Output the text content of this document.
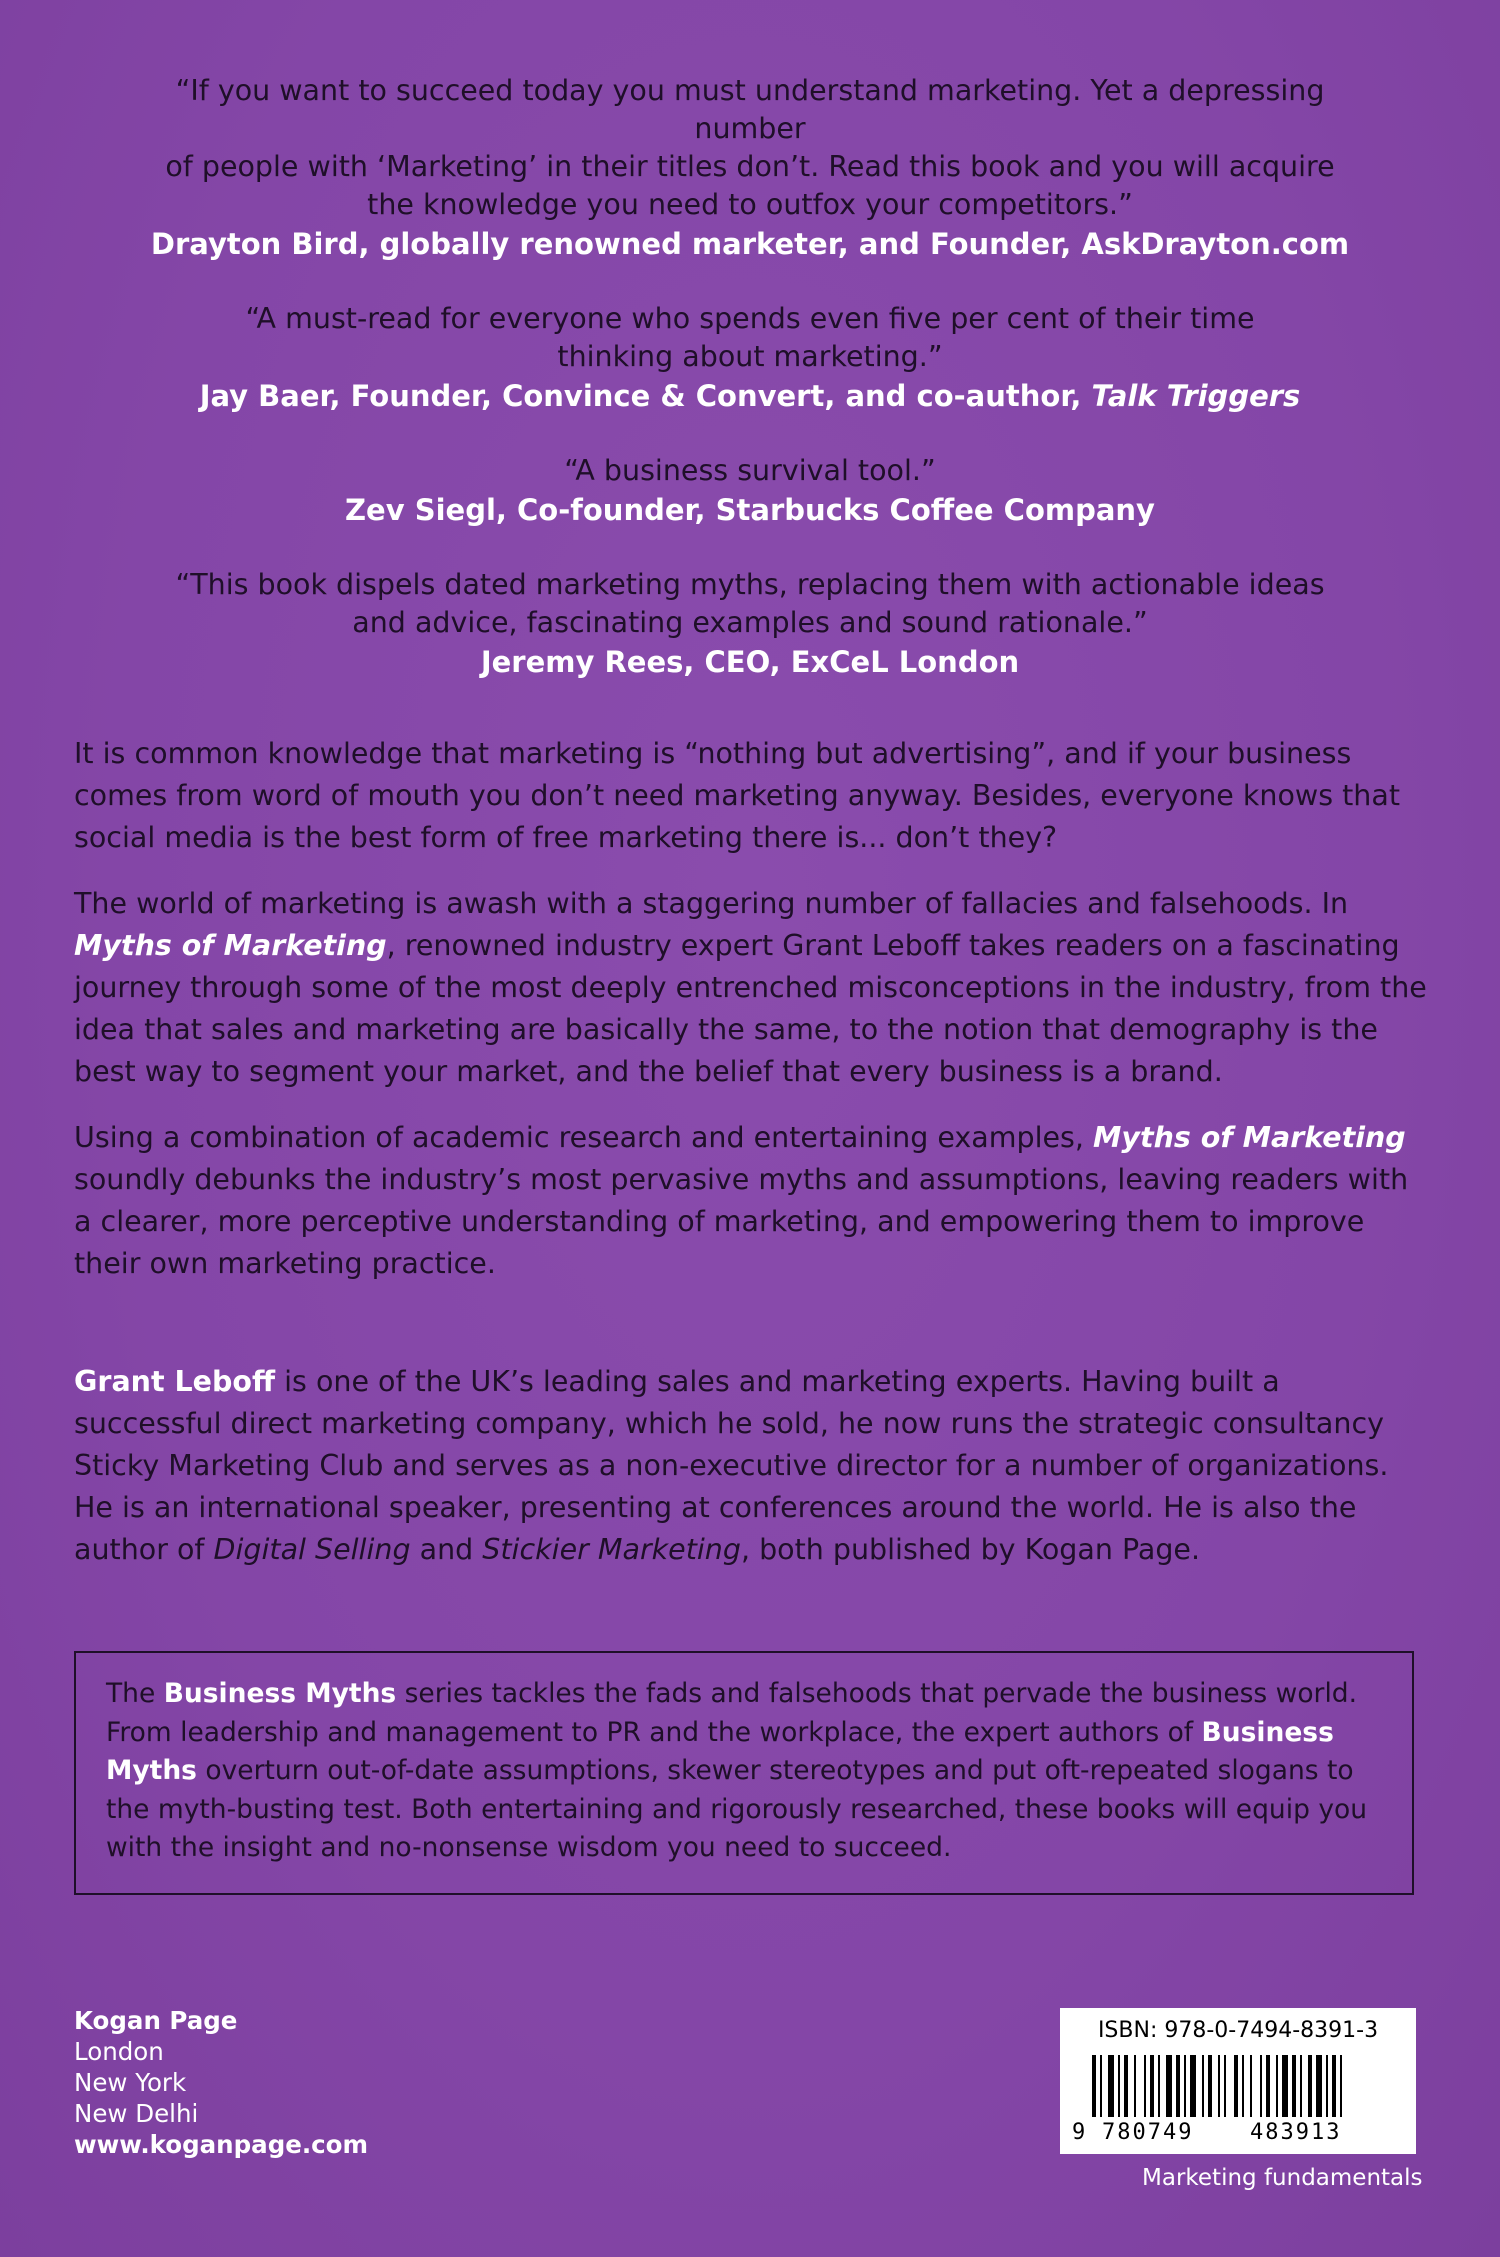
“If you want to succeed today you must understand marketing. Yet a depressing number
of people with ‘Marketing’ in their titles don’t. Read this book and you will acquire
the knowledge you need to outfox your competitors.”
Drayton Bird, globally renowned marketer, and Founder, AskDrayton.com
“A must-read for everyone who spends even five per cent of their time
thinking about marketing.”
Jay Baer, Founder, Convince & Convert, and co-author, Talk Triggers
“A business survival tool.”
Zev Siegl, Co-founder, Starbucks Coffee Company
“This book dispels dated marketing myths, replacing them with actionable ideas
and advice, fascinating examples and sound rationale.”
Jeremy Rees, CEO, ExCeL London

It is common knowledge that marketing is “nothing but advertising”, and if your business comes from word of mouth you don’t need marketing anyway. Besides, everyone knows that social media is the best form of free marketing there is... don’t they?

The world of marketing is awash with a staggering number of fallacies and falsehoods. In Myths of Marketing, renowned industry expert Grant Leboff takes readers on a fascinating journey through some of the most deeply entrenched misconceptions in the industry, from the idea that sales and marketing are basically the same, to the notion that demography is the best way to segment your market, and the belief that every business is a brand.

Using a combination of academic research and entertaining examples, Myths of Marketing soundly debunks the industry’s most pervasive myths and assumptions, leaving readers with a clearer, more perceptive understanding of marketing, and empowering them to improve their own marketing practice.

Grant Leboff is one of the UK’s leading sales and marketing experts. Having built a successful direct marketing company, which he sold, he now runs the strategic consultancy Sticky Marketing Club and serves as a non-executive director for a number of organizations. He is an international speaker, presenting at conferences around the world. He is also the author of Digital Selling and Stickier Marketing, both published by Kogan Page.

The Business Myths series tackles the fads and falsehoods that pervade the business world. From leadership and management to PR and the workplace, the expert authors of Business Myths overturn out-of-date assumptions, skewer stereotypes and put oft-repeated slogans to the myth-busting test. Both entertaining and rigorously researched, these books will equip you with the insight and no-nonsense wisdom you need to succeed.

Kogan Page
London
New York
New Delhi
www.koganpage.com
ISBN: 978-0-7494-8391-3
9 780749	483913
Marketing fundamentals
